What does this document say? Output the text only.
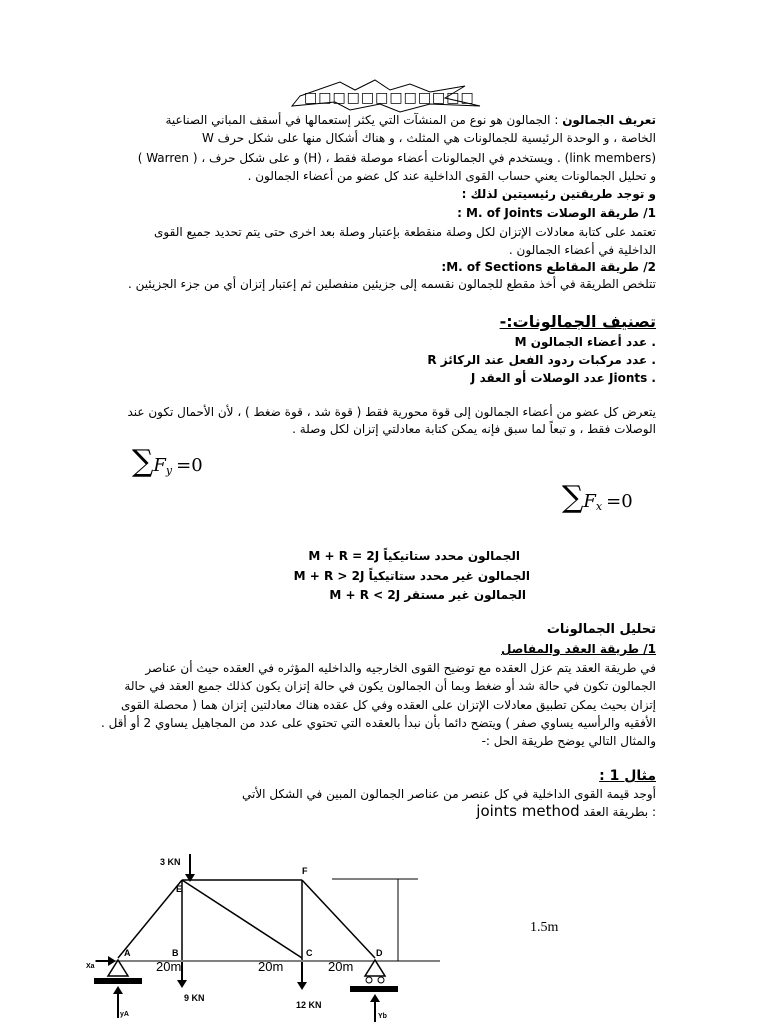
□□□□□□□□□□□□
تعريف الجمالون : الجمالون هو نوع من المنشآت التي يكثر إستعمالها في أسقف المباني الصناعية
الخاصة ، و الوحدة الرئيسية للجمالونات هي المثلث ، و هناك أشكال منها على شكل حرف W
( Warren ) ، و على شكل حرف (H) ، ويستخدم في الجمالونات أعضاء موصلة فقط . (link members)
و تحليل الجمالونات يعني حساب القوى الداخلية عند كل عضو من أعضاء الجمالون .
و توجد طريقتين رئيسيتين لذلك :
1/ طريقة الوصلات M. of Joints :
تعتمد على كتابة معادلات الإتزان لكل وصلة منقطعة بإعتبار وصلة بعد اخرى حتى يتم تحديد جميع القوى
الداخلية في أعضاء الجمالون .
2/ طريقة المقاطع M. of Sections:
تتلخص الطريقة في أخذ مقطع للجمالون نقسمه إلى جزيئين منفصلين ثم إعتبار إتزان أي من جزء الجزيئين .
تصنيف الجمالونات:-
M عدد أعضاء الجمالون .
R عدد مركبات ردود الفعل عند الركائز .
J عدد الوصلات أو العقد Jionts .
يتعرض كل عضو من أعضاء الجمالون إلى قوة محورية فقط ( قوة شد ، قوة ضغط ) ، لأن الأحمال تكون عند
الوصلات فقط ، و تبعاً لما سبق فإنه يمكن كتابة معادلتي إتزان لكل وصلة .
∑Fy =0
∑Fx =0
M + R = 2J الجمالون محدد ستاتيكياً
M + R > 2J الجمالون غير محدد ستاتيكياً
M + R < 2J الجمالون غير مستقر
تحليل الجمالونات
1/ طريقة العقد والمفاصل
في طريقة العقد يتم عزل العقده مع توضيح القوى الخارجيه والداخليه المؤثره في العقده حيث أن عناصر
الجمالون تكون في حالة شد أو ضغط وبما أن الجمالون يكون في حالة إتزان يكون كذلك جميع العقد في حالة
إتزان بحيث يمكن تطبيق معادلات الإتزان على العقده وفي كل عقده هناك معادلتين إتزان هما ( محصلة القوى
الأفقيه والرأسيه يساوي صفر ) ويتضح دائما بأن نبدأ بالعقده التي تحتوي على عدد من المجاهيل يساوي 2 أو أقل .
والمثال التالي يوضح طريقة الحل :-
مثال 1 :
أوجد قيمة القوى الداخلية في كل عنصر من عناصر الجمالون المبين في الشكل الأتي
: بطريقة العقد joints method
3 KN
9 KN
12 KN
E
F
A	B	C	D
Xa
yA	Yb
20m	20m	20m
1.5m
